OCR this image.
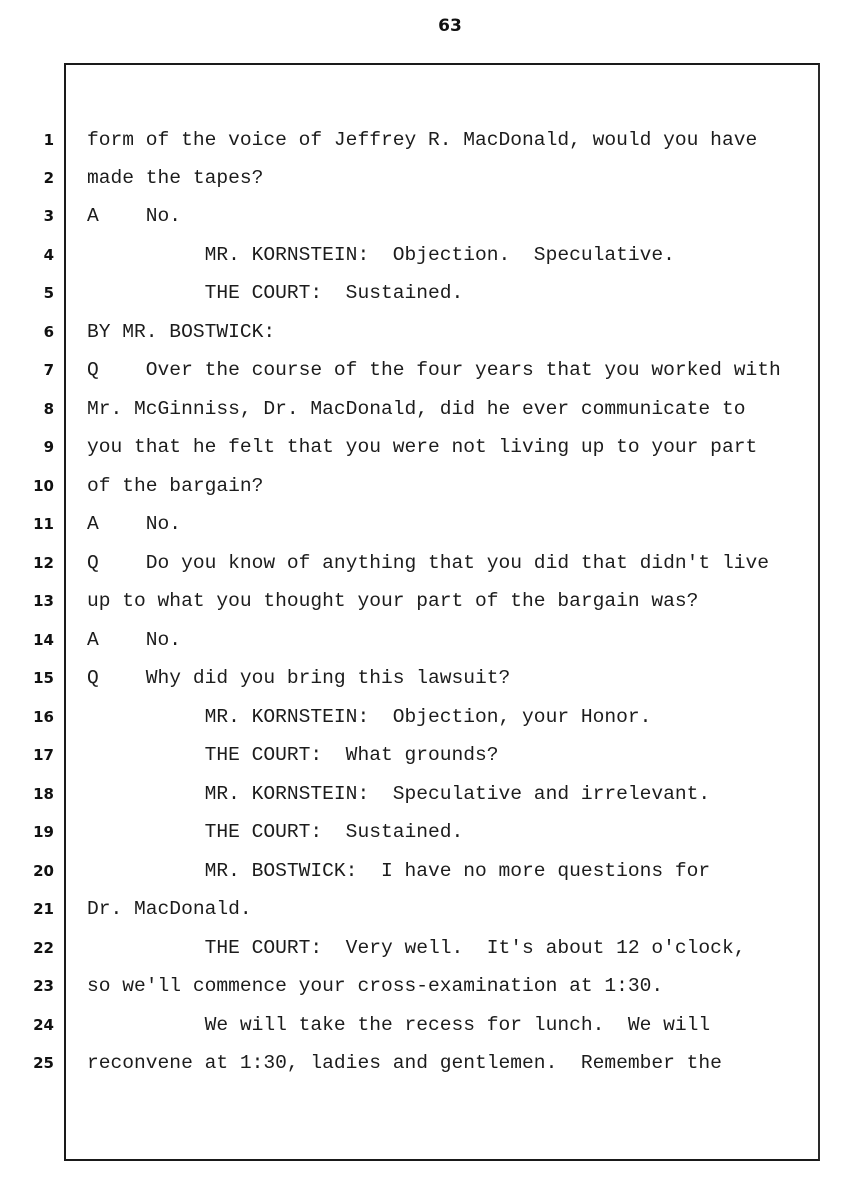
63
1
2
3
4
5
6
7
8
9
10
11
12
13
14
15
16
17
18
19
20
21
22
23
24
25
form of the voice of Jeffrey R. MacDonald, would you have
made the tapes?
A    No.
MR. KORNSTEIN:  Objection.  Speculative.
THE COURT:  Sustained.
BY MR. BOSTWICK:
Q    Over the course of the four years that you worked with
Mr. McGinniss, Dr. MacDonald, did he ever communicate to
you that he felt that you were not living up to your part
of the bargain?
A    No.
Q    Do you know of anything that you did that didn't live
up to what you thought your part of the bargain was?
A    No.
Q    Why did you bring this lawsuit?
MR. KORNSTEIN:  Objection, your Honor.
THE COURT:  What grounds?
MR. KORNSTEIN:  Speculative and irrelevant.
THE COURT:  Sustained.
MR. BOSTWICK:  I have no more questions for
Dr. MacDonald.
THE COURT:  Very well.  It's about 12 o'clock,
so we'll commence your cross-examination at 1:30.
We will take the recess for lunch.  We will
reconvene at 1:30, ladies and gentlemen.  Remember the
